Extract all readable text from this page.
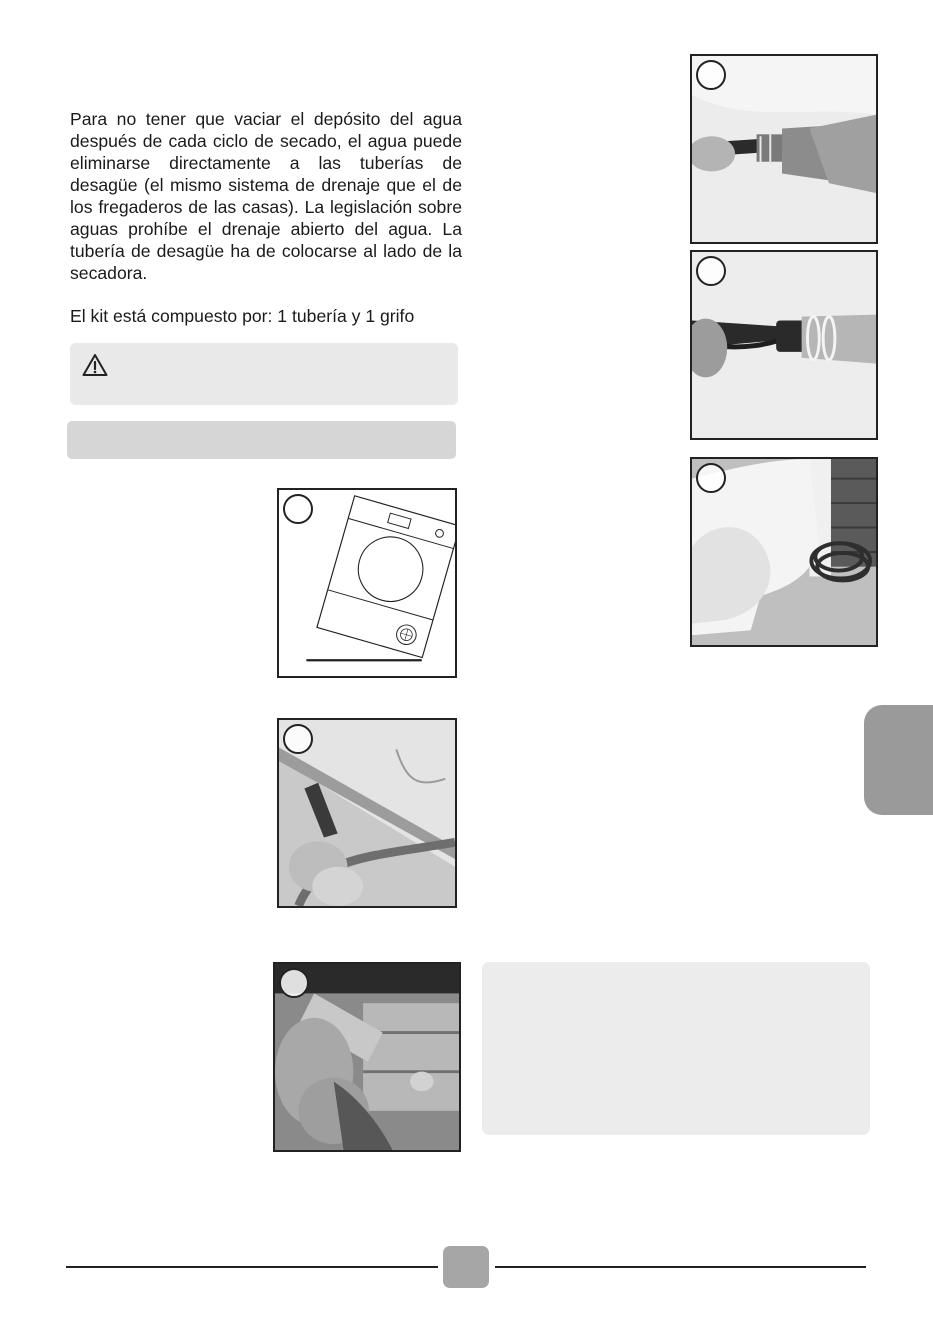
Para no tener que vaciar el depósito del agua después de cada ciclo de secado, el agua puede eliminarse directamente a las tuberías de desagüe (el mismo sistema de drenaje que el de los fregaderos de las casas). La legislación sobre aguas prohíbe el drenaje abierto del agua. La tubería de desagüe ha de colocarse al lado de la secadora.

El kit está compuesto por: 1 tubería y 1 grifo
